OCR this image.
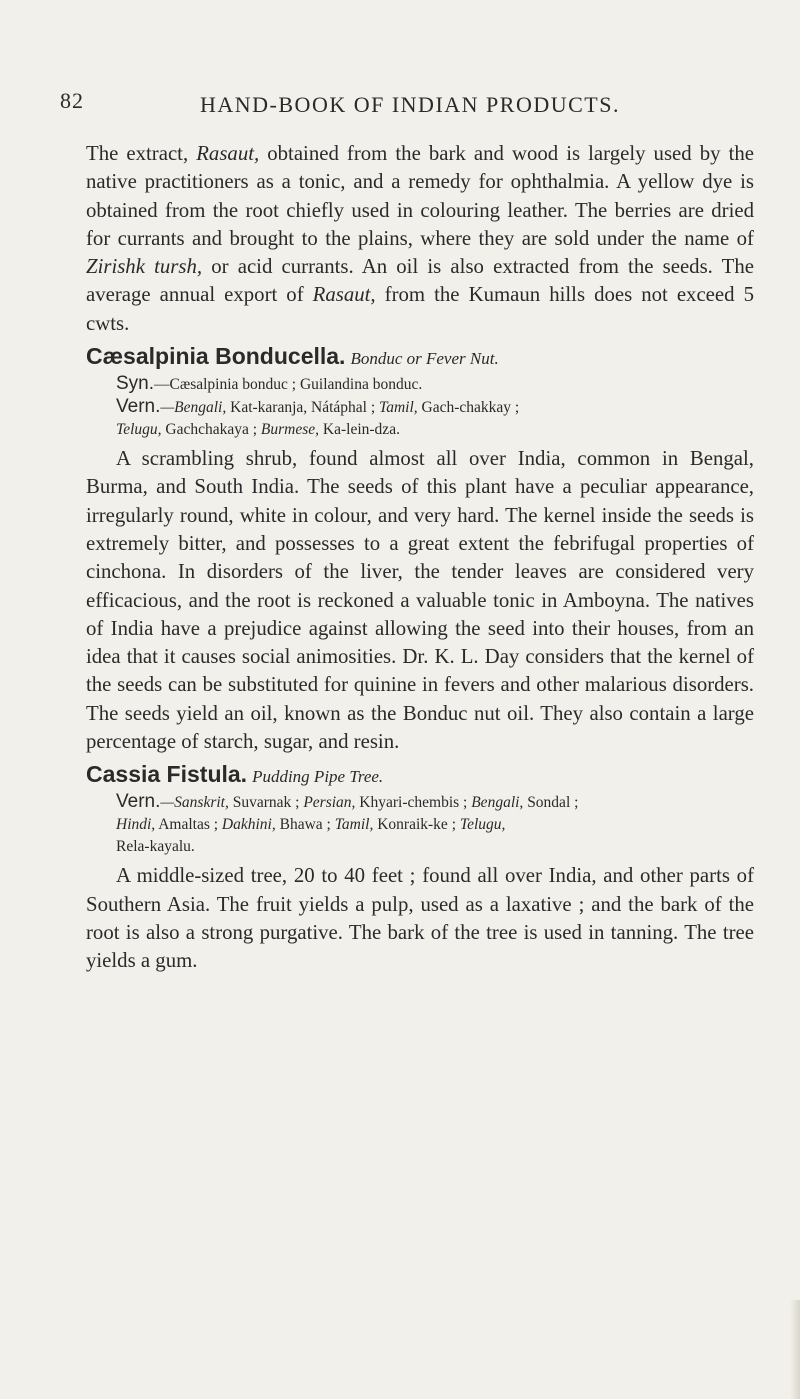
82	HAND-BOOK OF INDIAN PRODUCTS.

The extract, Rasaut, obtained from the bark and wood is largely used by the native practitioners as a tonic, and a remedy for ophthalmia. A yellow dye is obtained from the root chiefly used in colouring leather. The berries are dried for currants and brought to the plains, where they are sold under the name of Zirishk tursh, or acid currants. An oil is also extracted from the seeds. The average annual export of Rasaut, from the Kumaun hills does not exceed 5 cwts.

Cæsalpinia Bonducella. Bonduc or Fever Nut.

Syn.—Cæsalpinia bonduc ; Guilandina bonduc.

Vern.—Bengali, Kat-karanja, Nátáphal ; Tamil, Gach-chakkay ;
Telugu, Gachchakaya ; Burmese, Ka-lein-dza.

A scrambling shrub, found almost all over India, common in Bengal, Burma, and South India. The seeds of this plant have a peculiar appearance, irregularly round, white in colour, and very hard. The kernel inside the seeds is extremely bitter, and possesses to a great extent the febrifugal properties of cinchona. In disorders of the liver, the tender leaves are considered very efficacious, and the root is reckoned a valuable tonic in Amboyna. The natives of India have a prejudice against allowing the seed into their houses, from an idea that it causes social animosities. Dr. K. L. Day considers that the kernel of the seeds can be substituted for quinine in fevers and other malarious disorders. The seeds yield an oil, known as the Bonduc nut oil. They also contain a large percentage of starch, sugar, and resin.

Cassia Fistula. Pudding Pipe Tree.

Vern.—Sanskrit, Suvarnak ; Persian, Khyari-chembis ; Bengali, Sondal ;
Hindi, Amaltas ; Dakhini, Bhawa ; Tamil, Konraik-ke ; Telugu,
Rela-kayalu.

A middle-sized tree, 20 to 40 feet ; found all over India, and other parts of Southern Asia. The fruit yields a pulp, used as a laxative ; and the bark of the root is also a strong purgative. The bark of the tree is used in tanning. The tree yields a gum.
